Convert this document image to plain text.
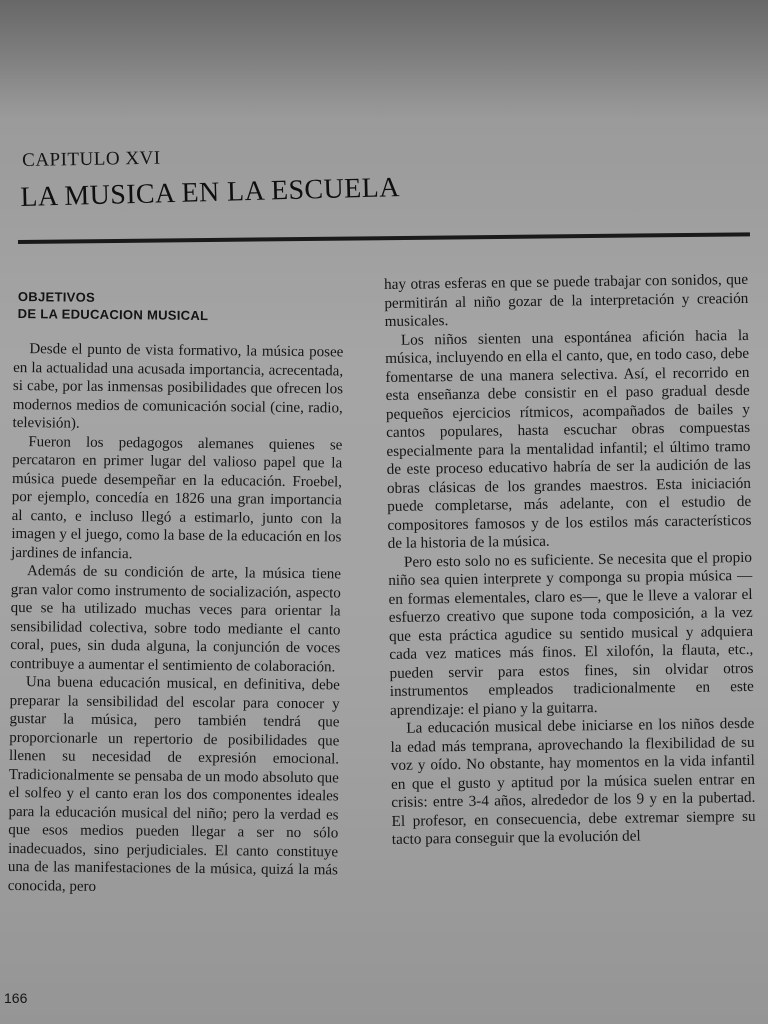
CAPITULO XVI
LA MUSICA EN LA ESCUELA
OBJETIVOS
DE LA EDUCACION MUSICAL

Desde el punto de vista formativo, la música posee en la actualidad una acusada importancia, acrecentada, si cabe, por las inmensas posibilidades que ofrecen los modernos medios de comunicación social (cine, radio, televisión).

Fueron los pedagogos alemanes quienes se percataron en primer lugar del valioso papel que la música puede desempeñar en la educación. Froebel, por ejemplo, concedía en 1826 una gran importancia al canto, e incluso llegó a estimarlo, junto con la imagen y el juego, como la base de la educación en los jardines de infancia.

Además de su condición de arte, la música tiene gran valor como instrumento de socialización, aspecto que se ha utilizado muchas veces para orientar la sensibilidad colectiva, sobre todo mediante el canto coral, pues, sin duda alguna, la conjunción de voces contribuye a aumentar el sentimiento de colaboración.

Una buena educación musical, en definitiva, debe preparar la sensibilidad del escolar para conocer y gustar la música, pero también tendrá que proporcionarle un repertorio de posibilidades que llenen su necesidad de expresión emocional. Tradicionalmente se pensaba de un modo absoluto que el solfeo y el canto eran los dos componentes ideales para la educación musical del niño; pero la verdad es que esos medios pueden llegar a ser no sólo inadecuados, sino perjudiciales. El canto constituye una de las manifestaciones de la música, quizá la más conocida, pero

hay otras esferas en que se puede trabajar con sonidos, que permitirán al niño gozar de la interpretación y creación musicales.

Los niños sienten una espontánea afición hacia la música, incluyendo en ella el canto, que, en todo caso, debe fomentarse de una manera selectiva. Así, el recorrido en esta enseñanza debe consistir en el paso gradual desde pequeños ejercicios rítmicos, acompañados de bailes y cantos populares, hasta escuchar obras compuestas especialmente para la mentalidad infantil; el último tramo de este proceso educativo habría de ser la audición de las obras clásicas de los grandes maestros. Esta iniciación puede completarse, más adelante, con el estudio de compositores famosos y de los estilos más característicos de la historia de la música.

Pero esto solo no es suficiente. Se necesita que el propio niño sea quien interprete y componga su propia música —en formas elementales, claro es—, que le lleve a valorar el esfuerzo creativo que supone toda composición, a la vez que esta práctica agudice su sentido musical y adquiera cada vez matices más finos. El xilofón, la flauta, etc., pueden servir para estos fines, sin olvidar otros instrumentos empleados tradicionalmente en este aprendizaje: el piano y la guitarra.

La educación musical debe iniciarse en los niños desde la edad más temprana, aprovechando la flexibilidad de su voz y oído. No obstante, hay momentos en la vida infantil en que el gusto y aptitud por la música suelen entrar en crisis: entre 3-4 años, alrededor de los 9 y en la pubertad. El profesor, en consecuencia, debe extremar siempre su tacto para conseguir que la evolución del

166
